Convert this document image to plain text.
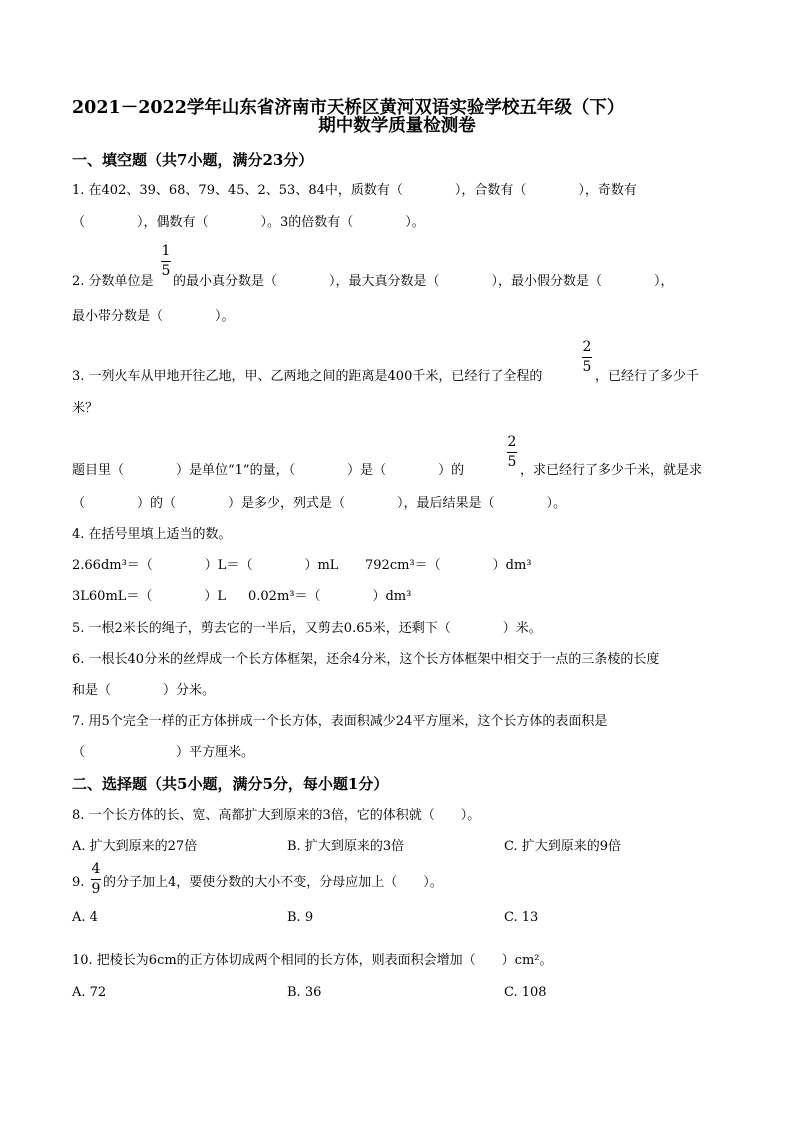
2021－2022学年山东省济南市天桥区黄河双语实验学校五年级（下）
期中数学质量检测卷
一、填空题（共7小题，满分23分）
1. 在402、39、68、79、45、2、53、84中，质数有（　　　　），合数有（　　　　），奇数有
（　　　　），偶数有（　　　　）。3的倍数有（　　　　）。
1
5
2. 分数单位是 的最小真分数是（　　　　），最大真分数是（　　　　），最小假分数是（　　　　），
最小带分数是（　　　　）。
2
5
3. 一列火车从甲地开往乙地，甲、乙两地之间的距离是400千米，已经行了全程的	，已经行了多少千
米？
2
5
题目里（　　　　）是单位“1”的量，（　　　　）是（　　　　）的	，求已经行了多少千米，就是求
（　　　　）的（　　　　）是多少，列式是（　　　　），最后结果是（　　　　）。
4. 在括号里填上适当的数。
2.66dm³＝（　　　　）L＝（　　　　）mL 792cm³＝（　　　　）dm³
3L60mL＝（　　　　）L 0.02m³＝（　　　　）dm³
5. 一根2米长的绳子，剪去它的一半后，又剪去0.65米，还剩下（　　　　）米。
6. 一根长40分米的丝焊成一个长方体框架，还余4分米，这个长方体框架中相交于一点的三条棱的长度
和是（　　　　）分米。
7. 用5个完全一样的正方体拼成一个长方体，表面积减少24平方厘米，这个长方体的表面积是
（　　　　　　　）平方厘米。
二、选择题（共5小题，满分5分，每小题1分）
8. 一个长方体的长、宽、高都扩大到原来的3倍，它的体积就（　　）。
A. 扩大到原来的27倍	B. 扩大到原来的3倍	C. 扩大到原来的9倍
9.
4
9 的分子加上4，要使分数的大小不变，分母应加上（　　）。
A. 4	B. 9	C. 13
10. 把棱长为6cm的正方体切成两个相同的长方体，则表面积会增加（　　）cm²。
A. 72	B. 36	C. 108
